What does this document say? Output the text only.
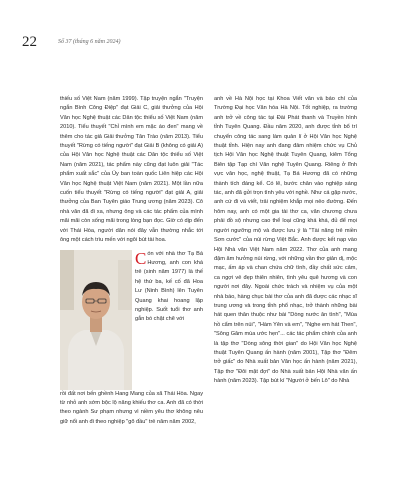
22	Số 37 (tháng 6 năm 2024)

thiếu số Việt Nam (năm 1999). Tập truyện ngắn "Truyện ngắn Bình Công Điệp" đạt Giải C, giải thưởng của Hội Văn học Nghệ thuật các Dân tộc thiểu số Việt Nam (năm 2010). Tiểu thuyết "Chỉ mình em mặc áo đen" mang về thêm cho tác giả Giải thưởng Tân Trào (năm 2013). Tiểu thuyết "Rừng có tiếng người" đạt Giải B (không có giải A) của Hội Văn học Nghệ thuật các Dân tộc thiểu số Việt Nam (năm 2021), tác phẩm này cũng đạt luôn giải "Tác phẩm xuất sắc" của Ủy ban toàn quốc Liên hiệp các Hội Văn học Nghệ thuật Việt Nam (năm 2021). Một lần nữa cuốn tiểu thuyết "Rừng có tiếng người" đạt giải A, giải thưởng của Ban Tuyên giáo Trung ương (năm 2023). Cô nhà văn đã đi xa, nhưng ông và các tác phẩm của mình mãi mãi còn sống mãi trong lòng bạn đọc. Giờ có dịp đến với Thái Hòa, người dân nói đây vẫn thường nhắc tới ông một cách trìu mến với ngôi bút tài hoa.

Cón với nhà thơ Tạ Bá Hương, anh con khá trẻ (sinh năm 1977) là thế hệ thứ ba, kế cố đã Hoa Lư (Ninh Bình) lên Tuyên Quang khai hoang lập nghiệp. Suốt tuổi thơ anh gắn bó chặt chẽ với

rồi đất nơi bến ghềnh Hang Mang của xã Thái Hòa. Ngay từ nhỏ anh sớm bộc lộ năng khiếu thơ ca. Anh đã có thời theo ngành Sư phạm nhưng vì niềm yêu thơ không nêu giữ nổi anh đi theo nghiệp "gõ đầu" trẻ năm năm 2002,

anh về Hà Nội học tại Khoa Viết văn và báo chí của Trường Đại học Văn hóa Hà Nội. Tốt nghiệp, ra trường anh trở về công tác tại Đài Phát thanh và Truyền hình tỉnh Tuyên Quang. Đầu năm 2020, anh được tỉnh bổ trí chuyển công tác sang làm quản lí ở Hội Văn học Nghệ thuật tỉnh. Hiện nay anh đang đảm nhiệm chức vụ Chủ tịch Hội Văn học Nghệ thuật Tuyên Quang, kiêm Tổng Biên tập Tạp chí Văn nghệ Tuyên Quang. Riêng ở lĩnh vực văn học, nghệ thuật, Tạ Bá Hương đã có những thành tích đáng kể. Có lẽ, bước chân vào nghiệp sáng tác, anh đã gửi trọn tình yêu với nghề. Như cá gặp nước, anh cứ đi và viết, trải nghiệm khắp mọi nẻo đường. Đến hôm nay, anh có một gia tài thơ ca, văn chương chưa phải đồ sộ nhưng cao thể loại cũng khá khá, đủ để mọi người ngưỡng mộ và được lưu ý là "Tài năng trẻ miền Sơn cước" của núi rừng Việt Bắc. Anh được kết nạp vào Hội Nhà văn Việt Nam năm 2022. Thơ của anh mang đậm âm hưởng núi rừng, với những vần thơ giản dị, mộc mạc, ấm áp và chan chứa chữ tình, đầy chất sức cảm, ca ngợi vẻ đẹp thiên nhiên, tình yêu quê hương và con người nơi đây. Ngoài chức trách và nhiệm vụ của một nhà báo, hàng chục bài thơ của anh đã được các nhạc sĩ trung ương và trong tỉnh phổ nhạc, trở thành những bài hát quen thân thuộc như bài "Dòng nước ân tình", "Mùa hồ cẩm trên núi", "Hàm Yên và em", "Nghe em hát Then", "Sông Gâm mùa ước hẹn"... các tác phẩm chính của anh là tập thơ "Dòng sông thời gian" do Hội Văn học Nghệ thuật Tuyên Quang ấn hành (năm 2001), Tập thơ "Đêm trở giấc" do Nhà xuất bản Văn học ấn hành (năm 2021), Tập thơ "Đôi mặt đợi" do Nhà xuất bản Hội Nhà văn ấn hành (năm 2023). Tập bút kí "Người ở bến Lô" do Nhà
